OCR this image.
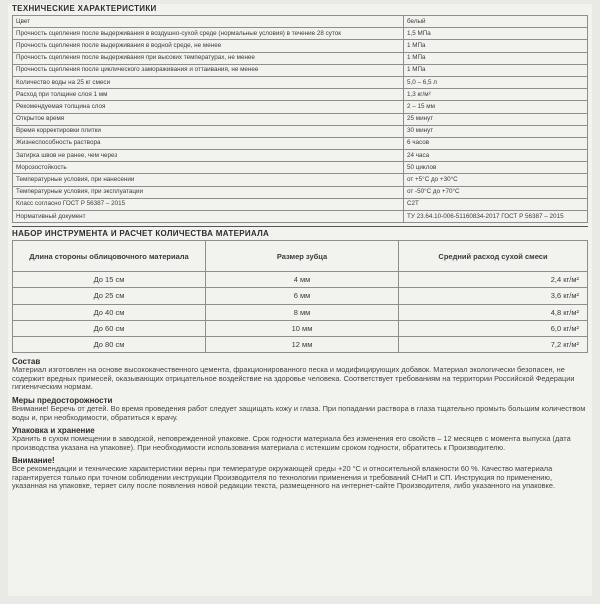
ТЕХНИЧЕСКИЕ ХАРАКТЕРИСТИКИ
Цвет	белый
Прочность сцепления после выдерживания в воздушно-сухой среде (нормальные условия) в течение 28 суток	1,5 МПа
Прочность сцепления после выдерживания в водной среде, не менее	1 МПа
Прочность сцепления после выдерживания при высоких температурах, не менее	1 МПа
Прочность сцепления после циклического замораживания и оттаивания, не менее	1 МПа
Количество воды на 25 кг смеси	5,0 – 6,5 л
Расход при толщине слоя 1 мм	1,3 кг/м²
Рекомендуемая толщина слоя	2 – 15 мм
Открытое время	25 минут
Время корректировки плитки	30 минут
Жизнеспособность раствора	6 часов
Затирка швов не ранее, чем через	24 часа
Морозостойкость	50 циклов
Температурные условия, при нанесении	от +5°С до +30°С
Температурные условия, при эксплуатации	от -50°С до +70°С
Класс согласно ГОСТ Р 56387 – 2015	С2Т
Нормативный документ	ТУ 23.64.10-006-51160834-2017 ГОСТ Р 56387 – 2015
НАБОР ИНСТРУМЕНТА И РАСЧЕТ КОЛИЧЕСТВА МАТЕРИАЛА
Длина стороны облицовочного материала	Размер зубца	Средний расход сухой смеси
До 15 см	4 мм	2,4 кг/м²
До 25 см	6 мм	3,6 кг/м²
До 40 см	8 мм	4,8 кг/м²
До 60 см	10 мм	6,0 кг/м²
До 80 см	12 мм	7,2 кг/м²
Состав
Материал изготовлен на основе высококачественного цемента, фракционированного песка и модифицирующих добавок. Материал экологически безопасен, не содержит вредных примесей, оказывающих отрицательное воздействие на здоровье человека. Соответствует требованиям на территории Российской Федерации гигиеническим нормам.
Меры предосторожности
Внимание! Беречь от детей. Во время проведения работ следует защищать кожу и глаза. При попадании раствора в глаза тщательно промыть большим количеством воды и, при необходимости, обратиться к врачу.
Упаковка и хранение
Хранить в сухом помещении в заводской, неповрежденной упаковке. Срок годности материала без изменения его свойств – 12 месяцев с момента выпуска (дата производства указана на упаковке). При необходимости использования материала с истекшим сроком годности, обратитесь к Производителю.
Внимание!
Все рекомендации и технические характеристики верны при температуре окружающей среды +20 °С и относительной влажности 60 %. Качество материала гарантируется только при точном соблюдении инструкции Производителя по технологии применения и требований СНиП и СП. Инструкция по применению, указанная на упаковке, теряет силу после появления новой редакции текста, размещенного на интернет-сайте Производителя, либо указанного на упаковке.
